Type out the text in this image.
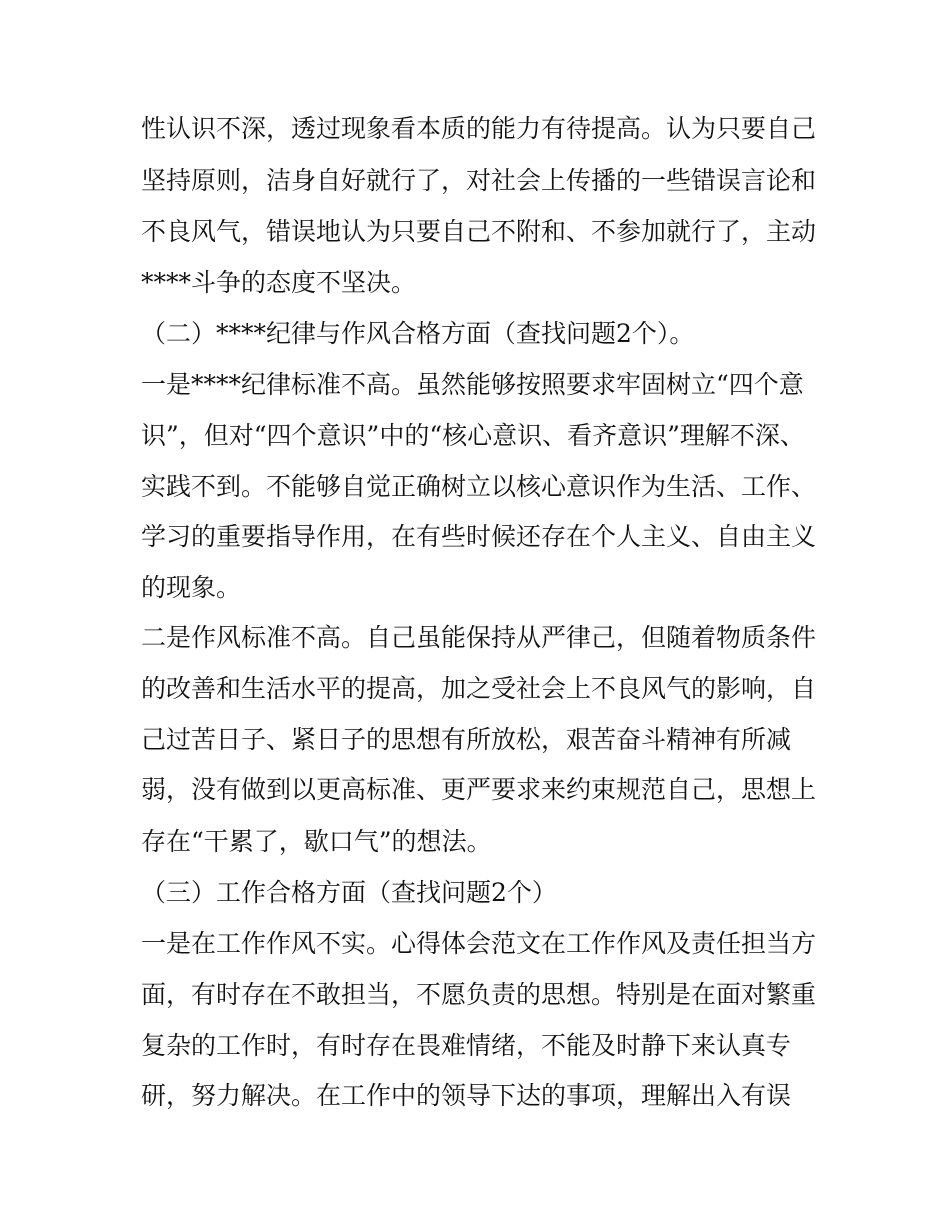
性认识不深，透过现象看本质的能力有待提高。认为只要自己
坚持原则，洁身自好就行了，对社会上传播的一些错误言论和
不良风气，错误地认为只要自己不附和、不参加就行了，主动
****斗争的态度不坚决。
（二）****纪律与作风合格方面（查找问题2个）。
一是****纪律标准不高。虽然能够按照要求牢固树立“四个意
识”，但对“四个意识”中的“核心意识、看齐意识”理解不深、
实践不到。不能够自觉正确树立以核心意识作为生活、工作、
学习的重要指导作用，在有些时候还存在个人主义、自由主义
的现象。
二是作风标准不高。自己虽能保持从严律己，但随着物质条件
的改善和生活水平的提高，加之受社会上不良风气的影响，自
己过苦日子、紧日子的思想有所放松，艰苦奋斗精神有所减
弱，没有做到以更高标准、更严要求来约束规范自己，思想上
存在“干累了，歇口气”的想法。
（三）工作合格方面（查找问题2个）
一是在工作作风不实。心得体会范文在工作作风及责任担当方
面，有时存在不敢担当，不愿负责的思想。特别是在面对繁重
复杂的工作时，有时存在畏难情绪，不能及时静下来认真专
研，努力解决。在工作中的领导下达的事项，理解出入有误
